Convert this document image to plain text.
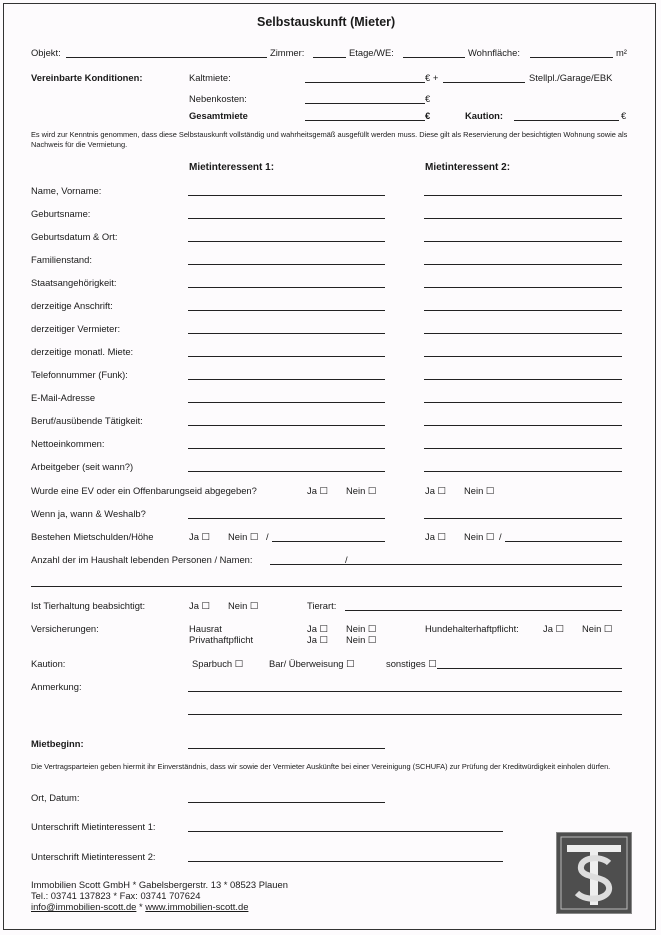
Selbstauskunft (Mieter)
Objekt:	Zimmer:	Etage/WE:	Wohnfläche:	m²
Vereinbarte Konditionen:	Kaltmiete:	€ +	Stellpl./Garage/EBK
Nebenkosten:	€
Gesamtmiete	€	Kaution:	€
Es wird zur Kenntnis genommen, dass diese Selbstauskunft vollständig und wahrheitsgemäß ausgefüllt werden muss. Diese gilt als Reservierung der besichtigten Wohnung sowie als Nachweis für die Vermietung.
Mietinteressent 1:	Mietinteressent 2:
Name, Vorname:
Geburtsname:
Geburtsdatum & Ort:
Familienstand:
Staatsangehörigkeit:
derzeitige Anschrift:
derzeitiger Vermieter:
derzeitige monatl. Miete:
Telefonnummer (Funk):
E-Mail-Adresse
Beruf/ausübende Tätigkeit:
Nettoeinkommen:
Arbeitgeber (seit wann?)
Wurde eine EV oder ein Offenbarungseid abgegeben?	Ja ☐ Nein ☐	Ja ☐ Nein ☐
Wenn ja, wann & Weshalb?
Bestehen Mietschulden/Höhe	Ja ☐ Nein ☐ /	Ja ☐ Nein ☐ /
Anzahl der im Haushalt lebenden Personen / Namen:	/
Ist Tierhaltung beabsichtigt:	Ja ☐ Nein ☐	Tierart:
Versicherungen:	Hausrat	Ja ☐ Nein ☐	Hundehalterhaftpflicht:	Ja ☐ Nein ☐
Privathaftpflicht	Ja ☐ Nein ☐
Kaution:	Sparbuch ☐	Bar/ Überweisung ☐	sonstiges ☐
Anmerkung:
Mietbeginn:
Die Vertragsparteien geben hiermit ihr Einverständnis, dass wir sowie der Vermieter Auskünfte bei einer Vereinigung (SCHUFA) zur Prüfung der Kreditwürdigkeit einholen dürfen.
Ort, Datum:
Unterschrift Mietinteressent 1:
Unterschrift Mietinteressent 2:
Immobilien Scott GmbH * Gabelsbergerstr. 13 * 08523 Plauen
Tel.: 03741 137823 * Fax: 03741 707624
info@immobilien-scott.de * www.immobilien-scott.de
